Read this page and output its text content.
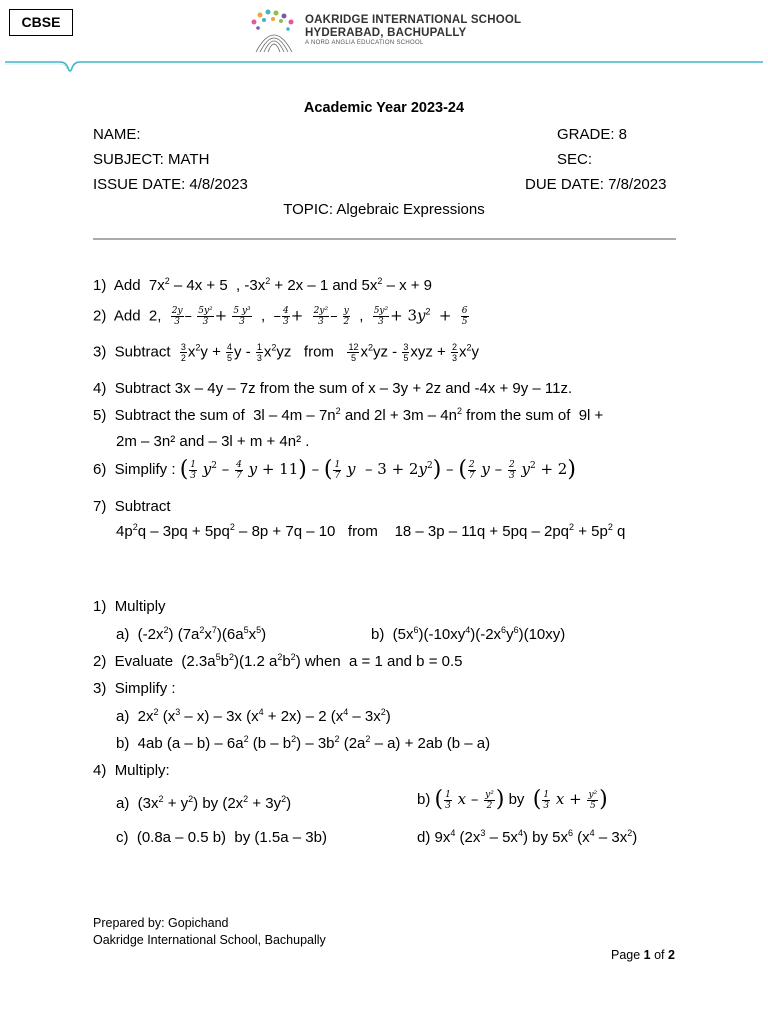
CBSE	OAKRIDGE INTERNATIONAL SCHOOL
HYDERABAD, BACHUPALLY
A NORD ANGLIA EDUCATION SCHOOL
Academic Year 2023-24
NAME:	GRADE: 8
SUBJECT: MATH	SEC:
ISSUE DATE: 4/8/2023	DUE DATE: 7/8/2023
TOPIC: Algebraic Expressions
1)  Add  $7x^2 - 4x + 5$  , $-3x^2 + 2x - 1$ and $5x^2 - x + 9$
2)  Add  2, $\frac{2y}{3} - \frac{\text{5y²}}{3} + \frac{\text{5 y³}}{3}$ ,  – $\frac{4}{3} + \frac{\text{2y²}}{3} - \frac{y}{2}$ , $\frac{\text{5y²}}{3} + 3y^2 + \frac{6}{5}$
3)  Subtract $\frac{3}{2} x^2y + \frac{4}{5}$ y - $\frac{1}{3} x^2yz$   from $\frac{12}{5} x^2yz - \frac{3}{5}$ xyz + $\frac{2}{3} x^2y$
4) Subtract 3x – 4y – 7z from the sum of x – 3y + 2z and -4x + 9y – 11z.
5)  Subtract the sum of  $3l - 4m - 7n^2$ and $2l + 3m - 4n^2$ from the sum of  9l +
2m – 3n² and – 3l + m + 4n² .
6)  Simplify : ( $\frac{1}{3} y^2 - \frac{4}{7}$ y + 11) – ( $\frac{1}{7}$ $y - 3 + 2y^2$) – ( $\frac{2}{7}$ $y - \frac{2}{3} y^2 + 2$)
7) Subtract
$4p^2q - 3pq + 5pq^2 - 8p + 7q - 10$   from    $18 - 3p - 11q + 5pq - 2pq^2 + 5p^2$ q
1)  Multiply
a)  $(-2x^2)$ $(7a^2x^7)(6a^5x^5)$	b)  $(5x^6)(-10xy^4)(-2x^6y^6)(10xy)$
2)  Evaluate  $(2.3a^5b^2)(1.2$ $a^2b^2$) when  a = 1 and b = 0.5
3)  Simplify :
a)  $2x^2$ $(x^3 - x) - 3x$ $(x^4 + 2x) - 2$ $(x^4 - 3x^2)$
b)  4ab $(a - b) - 6a^2$ $(b - b^2) - 3b^2$ $(2a^2 - a) + 2ab$ (b – a)
4)  Multiply:
a)  $(3x^2 + y^2)$ by $(2x^2 + 3y^2)$	b) ( $\frac{1}{3}$ x – $\frac{\text{y²}}{2}$ ) by  ( $\frac{1}{3}$ $x + \frac{\text{y²}}{5}$ )
c)  (0.8a – 0.5 b)  by (1.5a – 3b)	d) $9x^4$ $(2x^3 - 5x^4)$ by $5x^6$ $(x^4 - 3x^2)$
Prepared by: Gopichand
Oakridge International School, Bachupally
Page 1 of 2
